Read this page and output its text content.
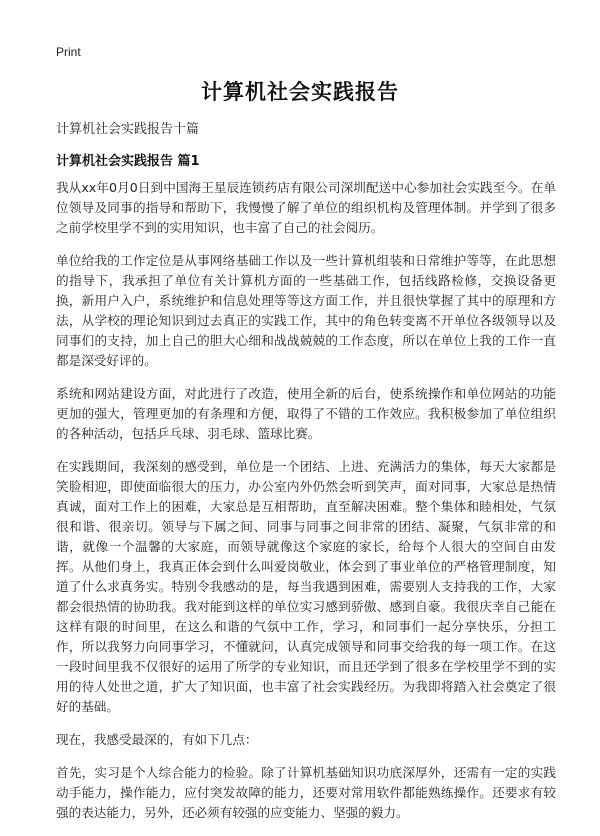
Print
计算机社会实践报告
计算机社会实践报告十篇
计算机社会实践报告 篇1

我从xx年0月0日到中国海王星辰连锁药店有限公司深圳配送中心参加社会实践至今。在单位领导及同事的指导和帮助下，我慢慢了解了单位的组织机构及管理体制。并学到了很多之前学校里学不到的实用知识，也丰富了自己的社会阅历。

单位给我的工作定位是从事网络基础工作以及一些计算机组装和日常维护等等，在此思想的指导下，我承担了单位有关计算机方面的一些基础工作，包括线路检修，交换设备更换，新用户入户，系统维护和信息处理等等这方面工作，并且很快掌握了其中的原理和方法，从学校的理论知识到过去真正的实践工作，其中的角色转变离不开单位各级领导以及同事们的支持，加上自己的胆大心细和战战兢兢的工作态度，所以在单位上我的工作一直都是深受好评的。

系统和网站建设方面，对此进行了改造，使用全新的后台，使系统操作和单位网站的功能更加的强大，管理更加的有条理和方便，取得了不错的工作效应。我积极参加了单位组织的各种活动，包括乒乓球、羽毛球、篮球比赛。

在实践期间，我深刻的感受到，单位是一个团结、上进、充满活力的集体，每天大家都是笑脸相迎，即使面临很大的压力，办公室内外仍然会听到笑声，面对同事，大家总是热情真诚，面对工作上的困难，大家总是互相帮助，直至解决困难。整个集体和睦相处，气氛很和谐、很亲切。领导与下属之间、同事与同事之间非常的团结、凝聚，气氛非常的和谐，就像一个温馨的大家庭，而领导就像这个家庭的家长，给每个人很大的空间自由发挥。从他们身上，我真正体会到什么叫爱岗敬业，体会到了事业单位的严格管理制度，知道了什么求真务实。特别令我感动的是，每当我遇到困难，需要别人支持我的工作，大家都会很热情的协助我。我对能到这样的单位实习感到骄傲、感到自豪。我很庆幸自己能在这样有限的时间里，在这么和谐的气氛中工作，学习，和同事们一起分享快乐，分担工作，所以我努力向同事学习，不懂就问，认真完成领导和同事交给我的每一项工作。在这一段时间里我不仅很好的运用了所学的专业知识，而且还学到了很多在学校里学不到的实用的待人处世之道，扩大了知识面，也丰富了社会实践经历。为我即将踏入社会奠定了很好的基础。

现在，我感受最深的，有如下几点：

首先，实习是个人综合能力的检验。除了计算机基础知识功底深厚外，还需有一定的实践动手能力，操作能力，应付突发故障的能力，还要对常用软件都能熟练操作。还要求有较强的表达能力，另外，还必须有较强的应变能力、坚强的毅力。
